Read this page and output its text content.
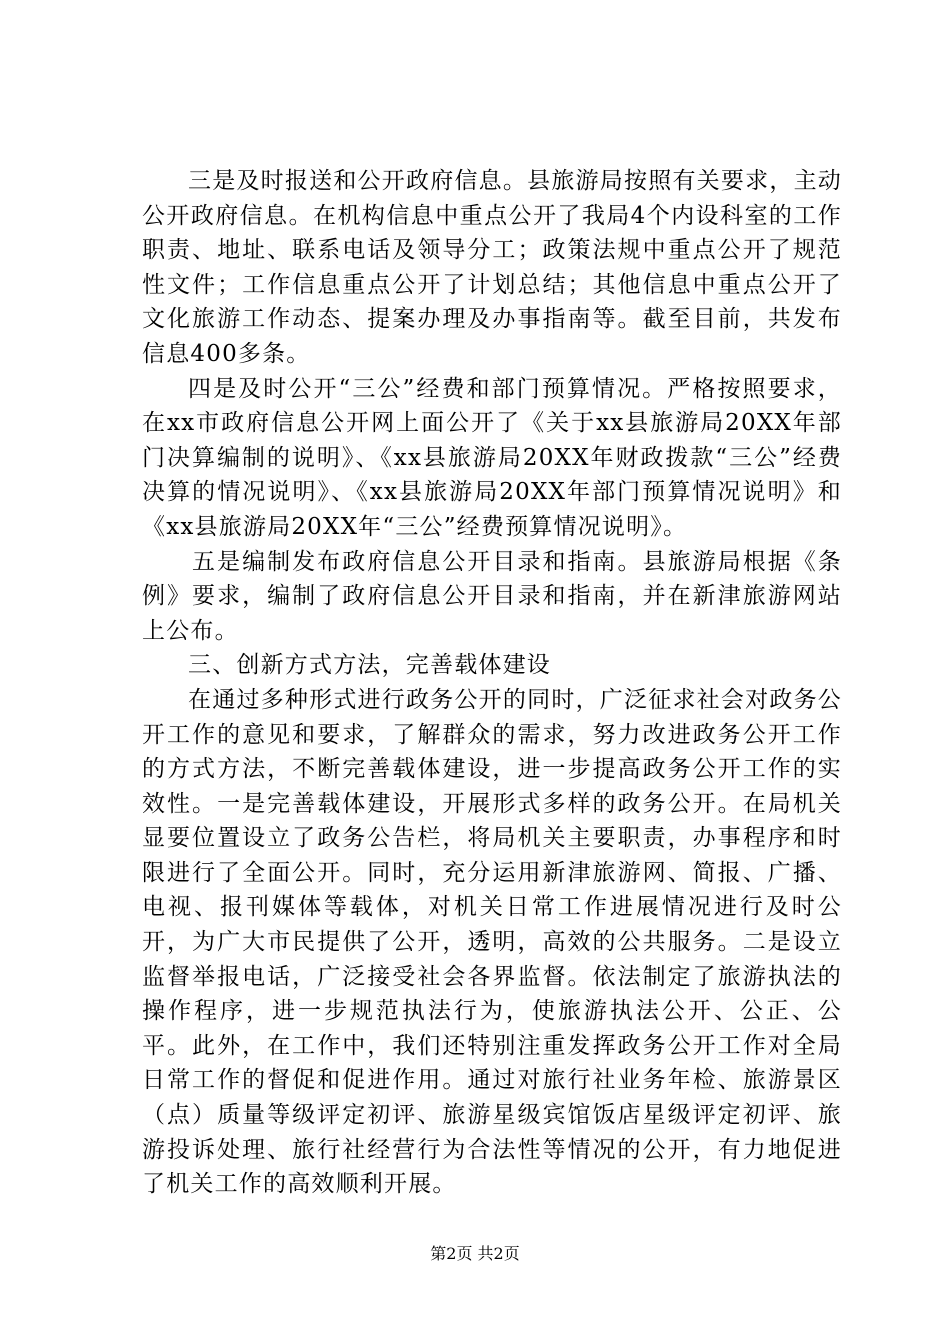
三是及时报送和公开政府信息。县旅游局按照有关要求，主动公开政府信息。在机构信息中重点公开了我局4个内设科室的工作职责、地址、联系电话及领导分工；政策法规中重点公开了规范性文件；工作信息重点公开了计划总结；其他信息中重点公开了文化旅游工作动态、提案办理及办事指南等。截至目前，共发布信息400多条。

四是及时公开“三公”经费和部门预算情况。严格按照要求，在xx市政府信息公开网上面公开了《关于xx县旅游局20XX年部门决算编制的说明》、《xx县旅游局20XX年财政拨款“三公”经费决算的情况说明》、《xx县旅游局20XX年部门预算情况说明》和《xx县旅游局20XX年“三公”经费预算情况说明》。

五是编制发布政府信息公开目录和指南。县旅游局根据《条例》要求，编制了政府信息公开目录和指南，并在新津旅游网站上公布。

三、创新方式方法，完善载体建设

在通过多种形式进行政务公开的同时，广泛征求社会对政务公开工作的意见和要求，了解群众的需求，努力改进政务公开工作的方式方法，不断完善载体建设，进一步提高政务公开工作的实效性。一是完善载体建设，开展形式多样的政务公开。在局机关显要位置设立了政务公告栏，将局机关主要职责，办事程序和时限进行了全面公开。同时，充分运用新津旅游网、简报、广播、电视、报刊媒体等载体，对机关日常工作进展情况进行及时公开，为广大市民提供了公开，透明，高效的公共服务。二是设立监督举报电话，广泛接受社会各界监督。依法制定了旅游执法的操作程序，进一步规范执法行为，使旅游执法公开、公正、公平。此外，在工作中，我们还特别注重发挥政务公开工作对全局日常工作的督促和促进作用。通过对旅行社业务年检、旅游景区（点）质量等级评定初评、旅游星级宾馆饭店星级评定初评、旅游投诉处理、旅行社经营行为合法性等情况的公开，有力地促进了机关工作的高效顺利开展。

第2页 共2页
